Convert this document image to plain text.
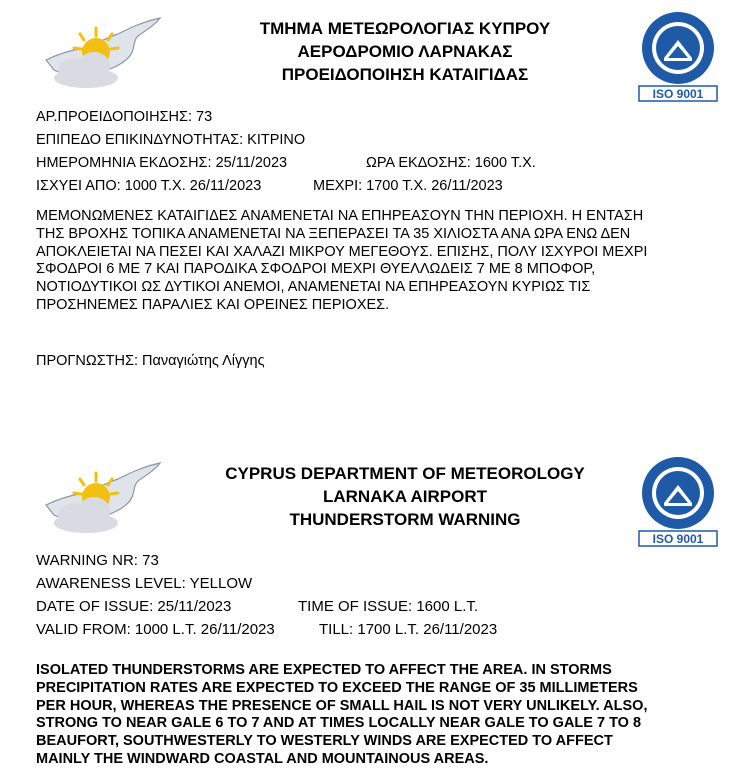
ΤΜΗΜΑ ΜΕΤΕΩΡΟΛΟΓΙΑΣ ΚΥΠΡΟΥ
ΑΕΡΟΔΡΟΜΙΟ ΛΑΡΝΑΚΑΣ
ΠΡΟΕΙΔΟΠΟΙΗΣΗ ΚΑΤΑΙΓΙΔΑΣ
ISO 9001
ΑΡ.ΠΡΟΕΙΔΟΠΟΙΗΣΗΣ: 73
ΕΠΙΠΕΔΟ ΕΠΙΚΙΝΔΥΝΟΤΗΤΑΣ: ΚΙΤΡΙΝΟ
ΗΜΕΡΟΜΗΝΙΑ ΕΚΔΟΣΗΣ: 25/11/2023	ΩΡΑ ΕΚΔΟΣΗΣ: 1600 Τ.Χ.
ΙΣΧΥΕΙ ΑΠΟ: 1000 Τ.Χ. 26/11/2023	ΜΕΧΡΙ: 1700 Τ.Χ. 26/11/2023
ΜΕΜΟΝΩΜΕΝΕΣ ΚΑΤΑΙΓΙΔΕΣ ΑΝΑΜΕΝΕΤΑΙ ΝΑ ΕΠΗΡΕΑΣΟΥΝ ΤΗΝ ΠΕΡΙΟΧΗ. Η ΕΝΤΑΣΗ
ΤΗΣ ΒΡΟΧΗΣ ΤΟΠΙΚΑ ΑΝΑΜΕΝΕΤΑΙ ΝΑ ΞΕΠΕΡΑΣΕΙ ΤΑ 35 ΧΙΛΙΟΣΤΑ ΑΝΑ ΩΡΑ ΕΝΩ ΔΕΝ
ΑΠΟΚΛΕΙΕΤΑΙ ΝΑ ΠΕΣΕΙ ΚΑΙ ΧΑΛΑΖΙ ΜΙΚΡΟΥ ΜΕΓΕΘΟΥΣ. ΕΠΙΣΗΣ, ΠΟΛΥ ΙΣΧΥΡΟΙ ΜΕΧΡΙ
ΣΦΟΔΡΟΙ 6 ΜΕ 7 ΚΑΙ ΠΑΡΟΔΙΚΑ ΣΦΟΔΡΟΙ ΜΕΧΡΙ ΘΥΕΛΛΩΔΕΙΣ 7 ΜΕ 8 ΜΠΟΦΟΡ,
ΝΟΤΙΟΔΥΤΙΚΟΙ ΩΣ ΔΥΤΙΚΟΙ ΑΝΕΜΟΙ, ΑΝΑΜΕΝΕΤΑΙ ΝΑ ΕΠΗΡΕΑΣΟΥΝ ΚΥΡΙΩΣ ΤΙΣ
ΠΡΟΣΗΝΕΜΕΣ ΠΑΡΑΛΙΕΣ ΚΑΙ ΟΡΕΙΝΕΣ ΠΕΡΙΟΧΕΣ.
ΠΡΟΓΝΩΣΤΗΣ: Παναγιώτης Λίγγης
CYPRUS DEPARTMENT OF METEOROLOGY
LARNAKA AIRPORT
THUNDERSTORM WARNING
ISO 9001
WARNING NR: 73
AWARENESS LEVEL: YELLOW
DATE OF ISSUE: 25/11/2023	TIME OF ISSUE: 1600 L.T.
VALID FROM: 1000 L.T. 26/11/2023	TILL: 1700 L.T. 26/11/2023
ISOLATED THUNDERSTORMS ARE EXPECTED TO AFFECT THE AREA. IN STORMS
PRECIPITATION RATES ARE EXPECTED TO EXCEED THE RANGE OF 35 MILLIMETERS
PER HOUR, WHEREAS THE PRESENCE OF SMALL HAIL IS NOT VERY UNLIKELY. ALSO,
STRONG TO NEAR GALE 6 TO 7 AND AT TIMES LOCALLY NEAR GALE TO GALE 7 TO 8
BEAUFORT, SOUTHWESTERLY TO WESTERLY WINDS ARE EXPECTED TO AFFECT
MAINLY THE WINDWARD COASTAL AND MOUNTAINOUS AREAS.
